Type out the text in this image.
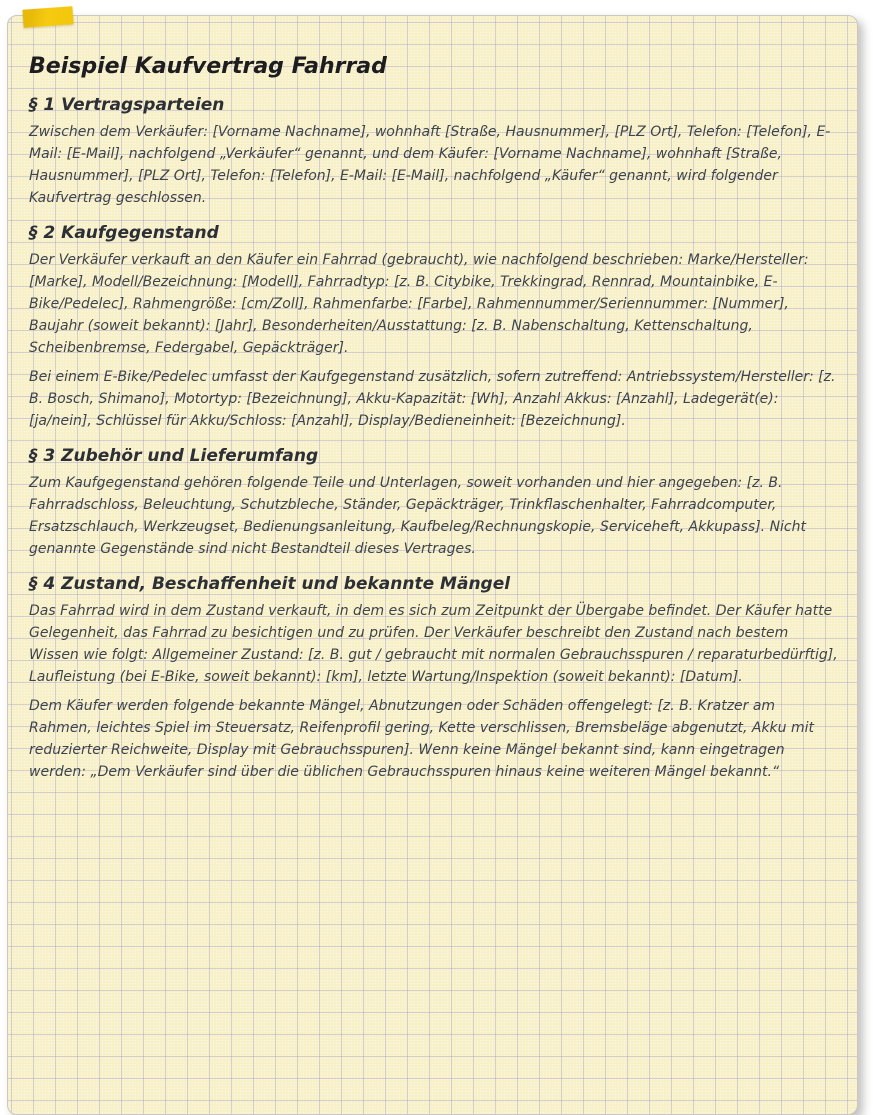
Beispiel Kaufvertrag Fahrrad
§ 1 Vertragsparteien

Zwischen dem Verkäufer: [Vorname Nachname], wohnhaft [Straße, Hausnummer], [PLZ Ort], Telefon: [Telefon], E-Mail: [E-Mail], nachfolgend „Verkäufer“ genannt, und dem Käufer: [Vorname Nachname], wohnhaft [Straße, Hausnummer], [PLZ Ort], Telefon: [Telefon], E-Mail: [E-Mail], nachfolgend „Käufer“ genannt, wird folgender Kaufvertrag geschlossen.

§ 2 Kaufgegenstand

Der Verkäufer verkauft an den Käufer ein Fahrrad (gebraucht), wie nachfolgend beschrieben: Marke/Hersteller: [Marke], Modell/Bezeichnung: [Modell], Fahrradtyp: [z. B. Citybike, Trekkingrad, Rennrad, Mountainbike, E-Bike/Pedelec], Rahmengröße: [cm/Zoll], Rahmenfarbe: [Farbe], Rahmennummer/Seriennummer: [Nummer], Baujahr (soweit bekannt): [Jahr], Besonderheiten/Ausstattung: [z. B. Nabenschaltung, Kettenschaltung, Scheibenbremse, Federgabel, Gepäckträger].

Bei einem E-Bike/Pedelec umfasst der Kaufgegenstand zusätzlich, sofern zutreffend: Antriebssystem/Hersteller: [z. B. Bosch, Shimano], Motortyp: [Bezeichnung], Akku-Kapazität: [Wh], Anzahl Akkus: [Anzahl], Ladegerät(e): [ja/nein], Schlüssel für Akku/Schloss: [Anzahl], Display/Bedieneinheit: [Bezeichnung].

§ 3 Zubehör und Lieferumfang

Zum Kaufgegenstand gehören folgende Teile und Unterlagen, soweit vorhanden und hier angegeben: [z. B. Fahrradschloss, Beleuchtung, Schutzbleche, Ständer, Gepäckträger, Trinkflaschenhalter, Fahrradcomputer, Ersatzschlauch, Werkzeugset, Bedienungsanleitung, Kaufbeleg/Rechnungskopie, Serviceheft, Akkupass]. Nicht genannte Gegenstände sind nicht Bestandteil dieses Vertrages.

§ 4 Zustand, Beschaffenheit und bekannte Mängel

Das Fahrrad wird in dem Zustand verkauft, in dem es sich zum Zeitpunkt der Übergabe befindet. Der Käufer hatte Gelegenheit, das Fahrrad zu besichtigen und zu prüfen. Der Verkäufer beschreibt den Zustand nach bestem Wissen wie folgt: Allgemeiner Zustand: [z. B. gut / gebraucht mit normalen Gebrauchsspuren / reparaturbedürftig], Laufleistung (bei E-Bike, soweit bekannt): [km], letzte Wartung/Inspektion (soweit bekannt): [Datum].

Dem Käufer werden folgende bekannte Mängel, Abnutzungen oder Schäden offengelegt: [z. B. Kratzer am Rahmen, leichtes Spiel im Steuersatz, Reifenprofil gering, Kette verschlissen, Bremsbeläge abgenutzt, Akku mit reduzierter Reichweite, Display mit Gebrauchsspuren]. Wenn keine Mängel bekannt sind, kann eingetragen werden: „Dem Verkäufer sind über die üblichen Gebrauchsspuren hinaus keine weiteren Mängel bekannt.“
